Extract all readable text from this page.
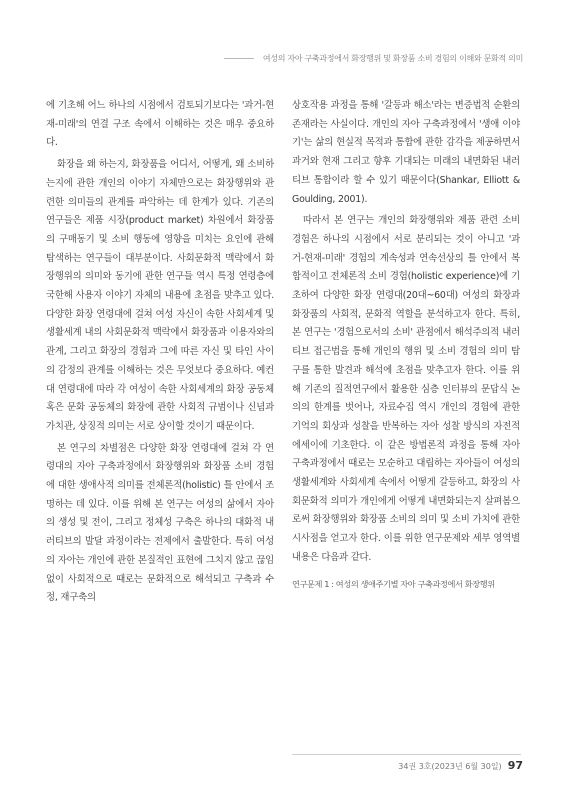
여성의 자아 구축과정에서 화장행위 및 화장품 소비 경험의 이해와 문화적 의미

에 기초해 어느 하나의 시점에서 검토되기보다는 '과거-현재-미래'의 연결 구조 속에서 이해하는 것은 매우 중요하다.

화장을 왜 하는지, 화장품을 어디서, 어떻게, 왜 소비하는지에 관한 개인의 이야기 자체만으로는 화장행위와 관련한 의미들의 관계를 파악하는 데 한계가 있다. 기존의 연구들은 제품 시장(product market) 차원에서 화장품의 구매동기 및 소비 행동에 영향을 미치는 요인에 관해 탐색하는 연구들이 대부분이다. 사회문화적 맥락에서 화장행위의 의미와 동기에 관한 연구들 역시 특정 연령층에 국한해 사용자 이야기 자체의 내용에 초점을 맞추고 있다. 다양한 화장 연령대에 걸쳐 여성 자신이 속한 사회세계 및 생활세계 내의 사회문화적 맥락에서 화장품과 이용자와의 관계, 그리고 화장의 경험과 그에 따른 자신 및 타인 사이의 감정의 관계를 이해하는 것은 무엇보다 중요하다. 예컨대 연령대에 따라 각 여성이 속한 사회세계의 화장 공동체 혹은 문화 공동체의 화장에 관한 사회적 규범이나 신념과 가치관, 상징적 의미는 서로 상이할 것이기 때문이다.

본 연구의 차별점은 다양한 화장 연령대에 걸쳐 각 연령대의 자아 구축과정에서 화장행위와 화장품 소비 경험에 대한 생애사적 의미를 전체론적(holistic) 틀 안에서 조명하는 데 있다. 이를 위해 본 연구는 여성의 삶에서 자아의 생성 및 전이, 그리고 정체성 구축은 하나의 대화적 내러티브의 발달 과정이라는 전제에서 출발한다. 특히 여성의 자아는 개인에 관한 본질적인 표현에 그치지 않고 끊임없이 사회적으로 때로는 문화적으로 해석되고 구축과 수정, 재구축의

상호작용 과정을 통해 '갈등과 해소'라는 변증법적 순환의 존재라는 사실이다. 개인의 자아 구축과정에서 '생애 이야기'는 삶의 현실적 목적과 통합에 관한 감각을 제공하면서 과거와 현재 그리고 향후 기대되는 미래의 내면화된 내러티브 통합이라 할 수 있기 때문이다(Shankar, Elliott & Goulding, 2001).

따라서 본 연구는 개인의 화장행위와 제품 관련 소비 경험은 하나의 시점에서 서로 분리되는 것이 아니고 '과거-현재-미래' 경험의 계속성과 연속선상의 틀 안에서 복합적이고 전체론적 소비 경험(holistic experience)에 기초하여 다양한 화장 연령대(20대~60대) 여성의 화장과 화장품의 사회적, 문화적 역할을 분석하고자 한다. 특히, 본 연구는 '경험으로서의 소비' 관점에서 해석주의적 내러티브 접근법을 통해 개인의 행위 및 소비 경험의 의미 탐구를 통한 발견과 해석에 초점을 맞추고자 한다. 이를 위해 기존의 질적연구에서 활용한 심층 인터뷰의 문답식 논의의 한계를 벗어나, 자료수집 역시 개인의 경험에 관한 기억의 회상과 성찰을 반복하는 자아 성찰 방식의 자전적 에세이에 기초한다. 이 같은 방법론적 과정을 통해 자아 구축과정에서 때로는 모순하고 대립하는 자아들이 여성의 생활세계와 사회세계 속에서 어떻게 갈등하고, 화장의 사회문화적 의미가 개인에게 어떻게 내면화되는지 살펴봄으로써 화장행위와 화장품 소비의 의미 및 소비 가치에 관한 시사점을 얻고자 한다. 이를 위한 연구문제와 세부 영역별 내용은 다음과 같다.

연구문제 1 : 여성의 생애주기별 자아 구축과정에서 화장행위
34권 3호(2023년 6월 30일) 97
